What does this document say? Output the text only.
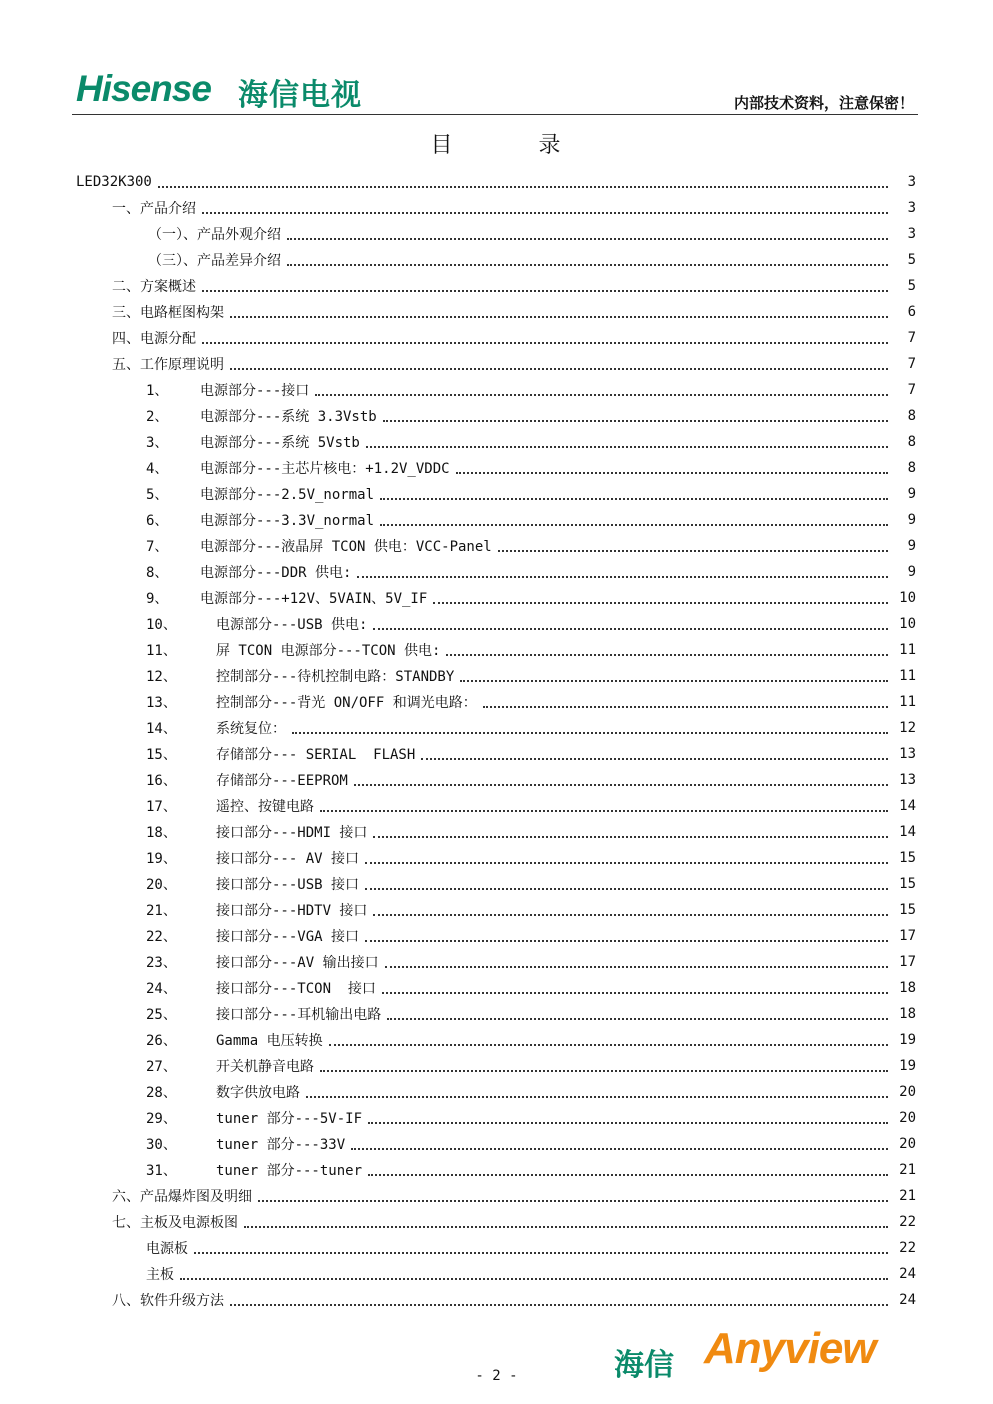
Hisense 海信电视	内部技术资料，注意保密！
目	录
LED32K300	3
一、产品介绍	3
（一）、产品外观介绍	3
（三）、产品差异介绍	5
二、方案概述	5
三、电路框图构架	6
四、电源分配	7
五、工作原理说明	7
1、	电源部分---接口	7
2、	电源部分---系统 3.3Vstb	8
3、	电源部分---系统 5Vstb	8
4、	电源部分---主芯片核电：+1.2V_VDDC	8
5、	电源部分---2.5V_normal	9
6、	电源部分---3.3V_normal	9
7、	电源部分---液晶屏 TCON 供电：VCC-Panel	9
8、	电源部分---DDR 供电:	9
9、	电源部分---+12V、5VAIN、5V_IF	10
10、	电源部分---USB 供电:	10
11、	屏 TCON 电源部分---TCON 供电:	11
12、	控制部分---待机控制电路：STANDBY	11
13、	控制部分---背光 ON/OFF 和调光电路：	11
14、	系统复位：	12
15、	存储部分--- SERIAL  FLASH	13
16、	存储部分---EEPROM	13
17、	遥控、按键电路	14
18、	接口部分---HDMI 接口	14
19、	接口部分--- AV 接口	15
20、	接口部分---USB 接口	15
21、	接口部分---HDTV 接口	15
22、	接口部分---VGA 接口	17
23、	接口部分---AV 输出接口	17
24、	接口部分---TCON  接口	18
25、	接口部分---耳机输出电路	18
26、	Gamma 电压转换	19
27、	开关机静音电路	19
28、	数字供放电路	20
29、	tuner 部分---5V-IF	20
30、	tuner 部分---33V	20
31、	tuner 部分---tuner	21
六、产品爆炸图及明细	21
七、主板及电源板图	22
电源板	22
主板	24
八、软件升级方法	24
海信 Anyview
- 2 -
